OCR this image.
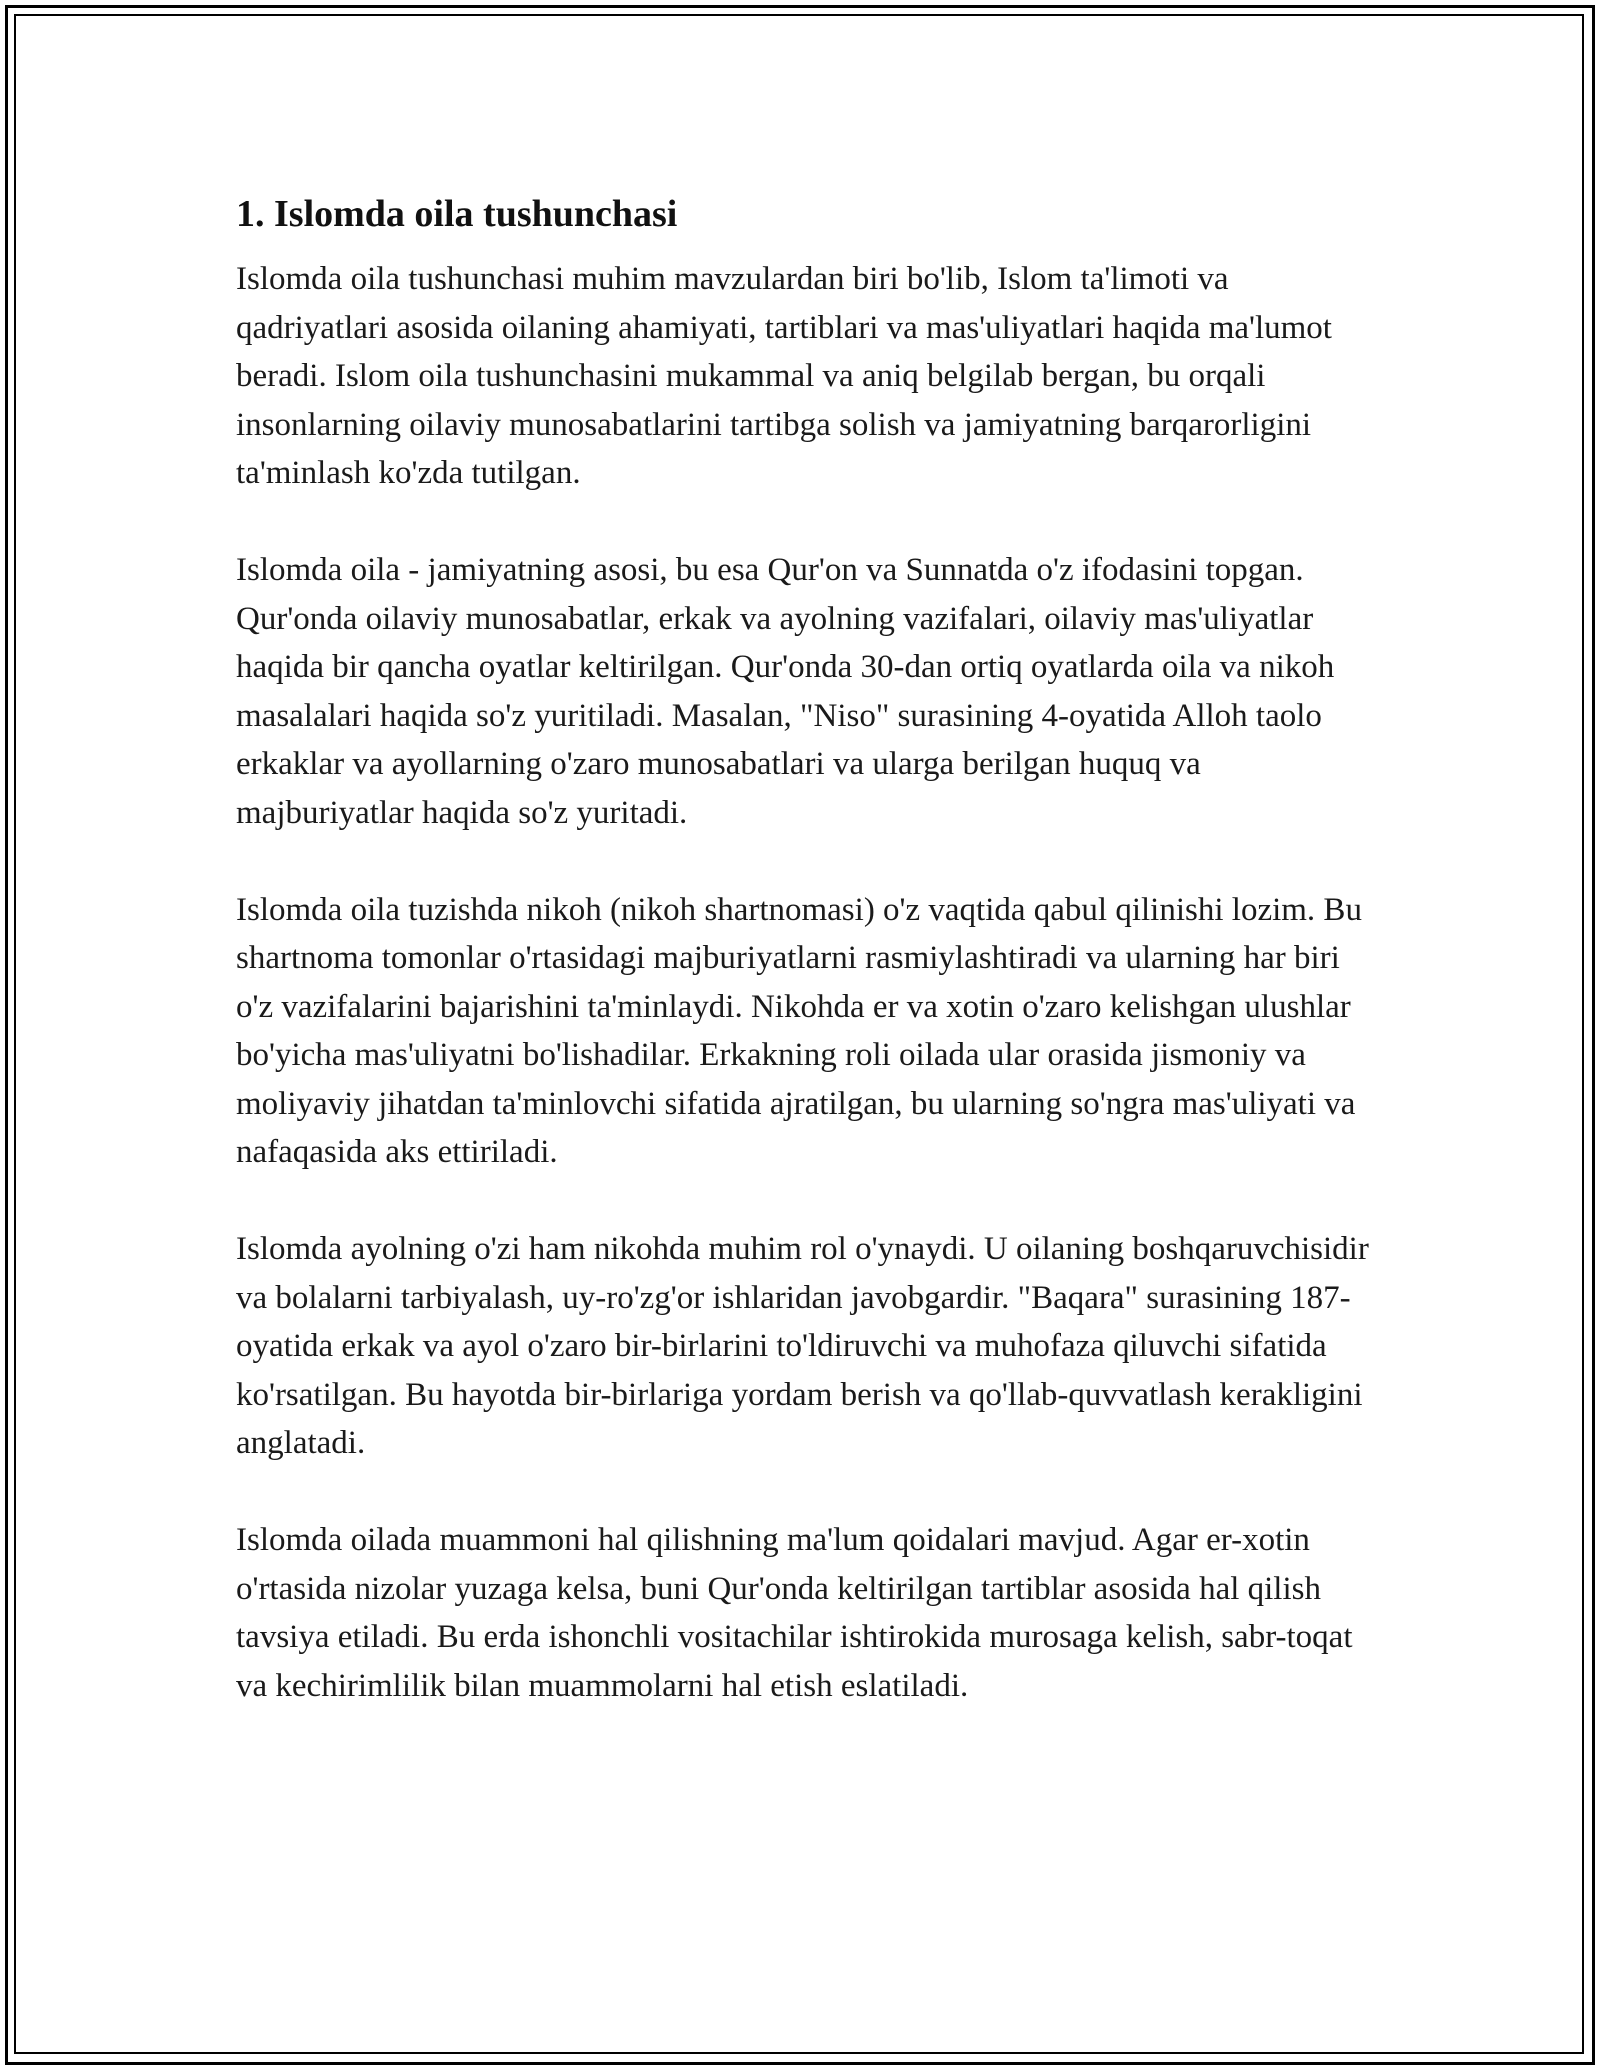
1. Islomda oila tushunchasi

Islomda oila tushunchasi muhim mavzulardan biri bo'lib, Islom ta'limoti va qadriyatlari asosida oilaning ahamiyati, tartiblari va mas'uliyatlari haqida ma'lumot beradi. Islom oila tushunchasini mukammal va aniq belgilab bergan, bu orqali insonlarning oilaviy munosabatlarini tartibga solish va jamiyatning barqarorligini ta'minlash ko'zda tutilgan.

Islomda oila - jamiyatning asosi, bu esa Qur'on va Sunnatda o'z ifodasini topgan. Qur'onda oilaviy munosabatlar, erkak va ayolning vazifalari, oilaviy mas'uliyatlar haqida bir qancha oyatlar keltirilgan. Qur'onda 30-dan ortiq oyatlarda oila va nikoh masalalari haqida so'z yuritiladi. Masalan, "Niso" surasining 4-oyatida Alloh taolo erkaklar va ayollarning o'zaro munosabatlari va ularga berilgan huquq va majburiyatlar haqida so'z yuritadi.

Islomda oila tuzishda nikoh (nikoh shartnomasi) o'z vaqtida qabul qilinishi lozim. Bu shartnoma tomonlar o'rtasidagi majburiyatlarni rasmiylashtiradi va ularning har biri o'z vazifalarini bajarishini ta'minlaydi. Nikohda er va xotin o'zaro kelishgan ulushlar bo'yicha mas'uliyatni bo'lishadilar. Erkakning roli oilada ular orasida jismoniy va moliyaviy jihatdan ta'minlovchi sifatida ajratilgan, bu ularning so'ngra mas'uliyati va nafaqasida aks ettiriladi.

Islomda ayolning o'zi ham nikohda muhim rol o'ynaydi. U oilaning boshqaruvchisidir va bolalarni tarbiyalash, uy-ro'zg'or ishlaridan javobgardir. "Baqara" surasining 187-oyatida erkak va ayol o'zaro bir-birlarini to'ldiruvchi va muhofaza qiluvchi sifatida ko'rsatilgan. Bu hayotda bir-birlariga yordam berish va qo'llab-quvvatlash kerakligini anglatadi.

Islomda oilada muammoni hal qilishning ma'lum qoidalari mavjud. Agar er-xotin o'rtasida nizolar yuzaga kelsa, buni Qur'onda keltirilgan tartiblar asosida hal qilish tavsiya etiladi. Bu erda ishonchli vositachilar ishtirokida murosaga kelish, sabr-toqat va kechirimlilik bilan muammolarni hal etish eslatiladi.
